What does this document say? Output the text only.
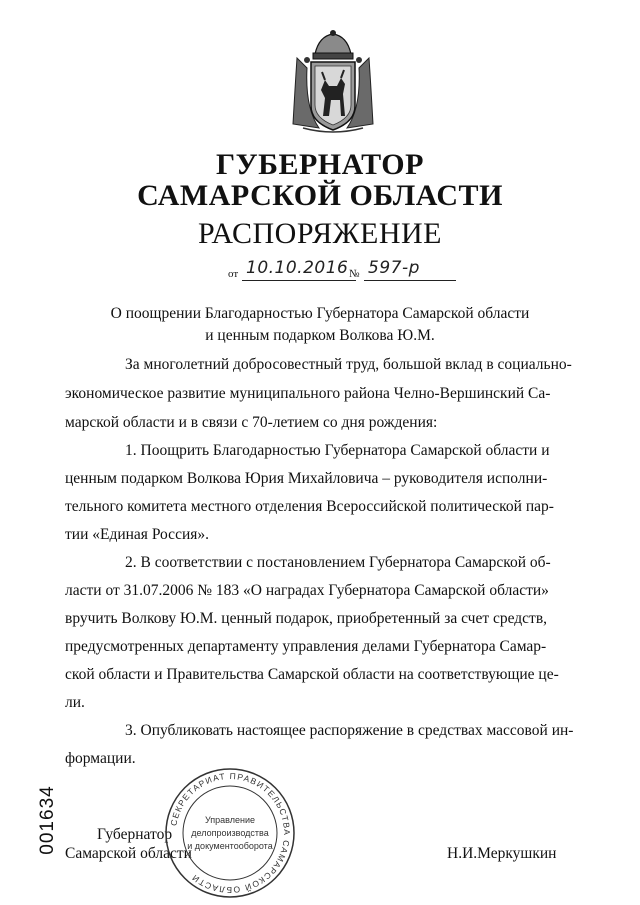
ГУБЕРНАТОР
САМАРСКОЙ ОБЛАСТИ
РАСПОРЯЖЕНИЕ
от 10.10.2016 № 597-р
О поощрении Благодарностью Губернатора Самарской области
и ценным подарком Волкова Ю.М.
За многолетний добросовестный труд, большой вклад в социально-
экономическое развитие муниципального района Челно-Вершинский Са-
марской области и в связи с 70-летием со дня рождения:
1. Поощрить Благодарностью Губернатора Самарской области и
ценным подарком Волкова Юрия Михайловича – руководителя исполни-
тельного комитета местного отделения Всероссийской политической пар-
тии «Единая Россия».
2. В соответствии с постановлением Губернатора Самарской об-
ласти от 31.07.2006 № 183 «О наградах Губернатора Самарской области»
вручить Волкову Ю.М. ценный подарок, приобретенный за счет средств,
предусмотренных департаменту управления делами Губернатора Самар-
ской области и Правительства Самарской области на соответствующие це-
ли.
3. Опубликовать настоящее распоряжение в средствах массовой ин-
формации.
001634	Губернатор
Самарской области	Н.И.Меркушкин
СЕКРЕТАРИАТ ПРАВИТЕЛЬСТВА САМАРСКОЙ ОБЛАСТИ
Управление
делопроизводства
и документооборота
